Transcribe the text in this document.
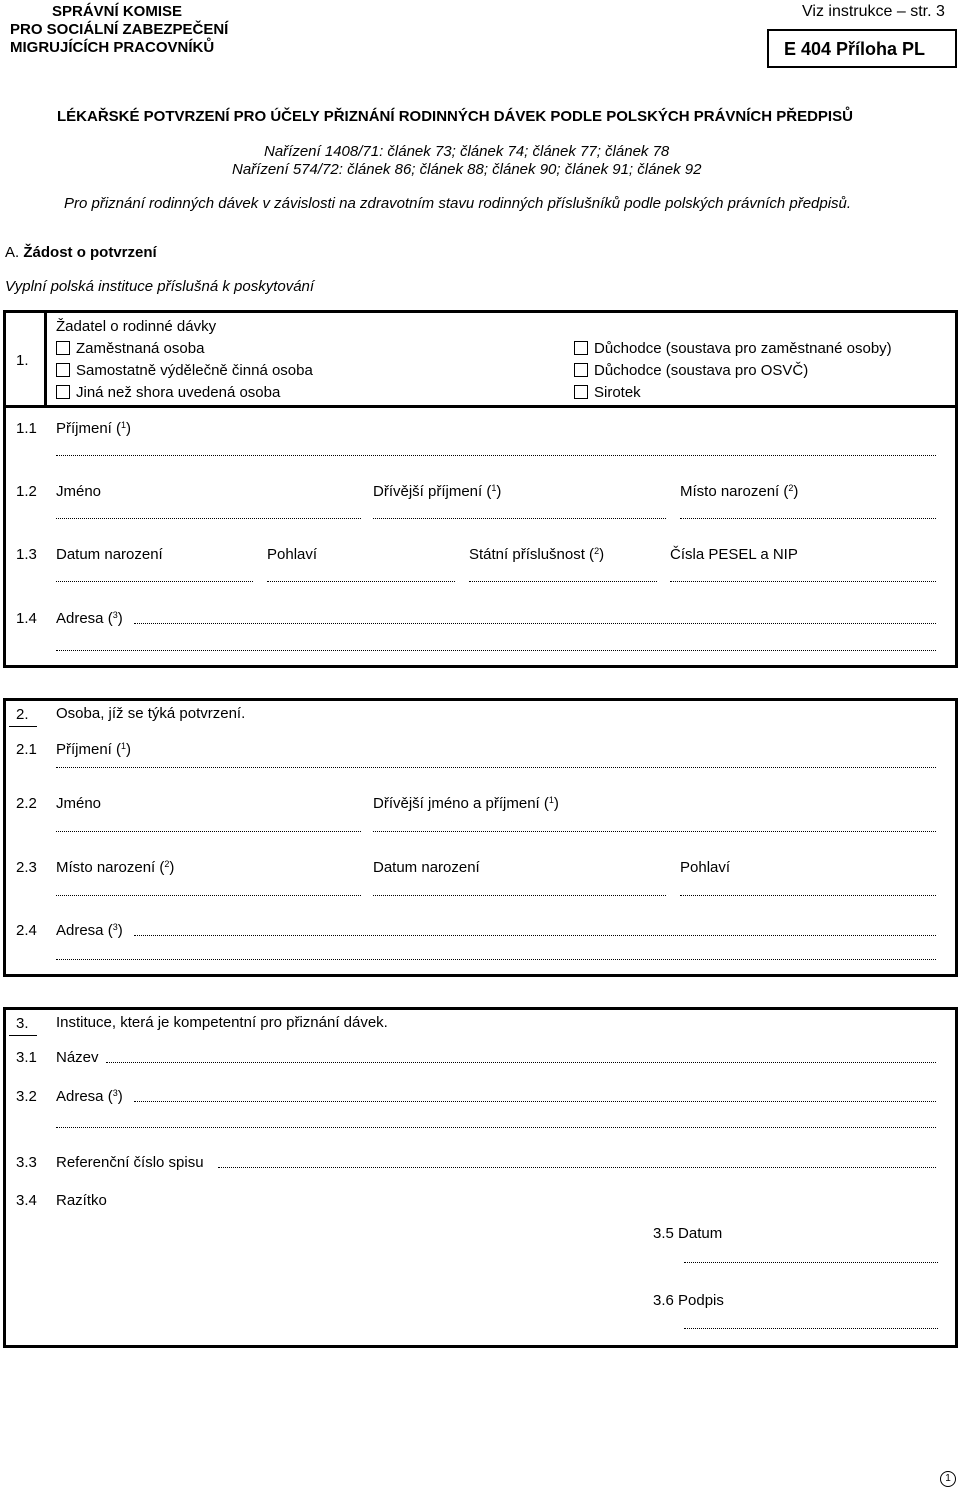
SPRÁVNÍ KOMISE
PRO SOCIÁLNÍ ZABEZPEČENÍ
MIGRUJÍCÍCH PRACOVNÍKŮ
Viz instrukce – str. 3
E 404 Příloha PL
LÉKAŘSKÉ POTVRZENÍ PRO ÚČELY PŘIZNÁNÍ RODINNÝCH DÁVEK PODLE POLSKÝCH PRÁVNÍCH PŘEDPISŮ
Nařízení 1408/71: článek 73; článek 74; článek 77; článek 78
Nařízení 574/72: článek 86; článek 88; článek 90; článek 91; článek 92
Pro přiznání rodinných dávek v závislosti na zdravotním stavu rodinných příslušníků podle polských právních předpisů.
A. Žádost o potvrzení
Vyplní polská instituce příslušná k poskytování
1.
Žadatel o rodinné dávky
Zaměstnaná osoba
Samostatně výdělečně činná osoba
Jiná než shora uvedená osoba
Důchodce (soustava pro zaměstnané osoby)
Důchodce (soustava pro OSVČ)
Sirotek
1.1 Příjmení ($^1$)
1.2 Jméno	Dřívější příjmení ($^1$)	Místo narození ($^2$)
1.3 Datum narození	Pohlaví	Státní příslušnost ($^2$)	Čísla PESEL a NIP
1.4 Adresa ($^3$)
2. Osoba, jíž se týká potvrzení.
2.1 Příjmení ($^1$)
2.2 Jméno	Dřívější jméno a příjmení ($^1$)
2.3 Místo narození ($^2$)	Datum narození	Pohlaví
2.4 Adresa ($^3$)
3. Instituce, která je kompetentní pro přiznání dávek.
3.1 Název
3.2 Adresa ($^3$)
3.3 Referenční číslo spisu
3.4 Razítko
3.5 Datum
3.6 Podpis
1
